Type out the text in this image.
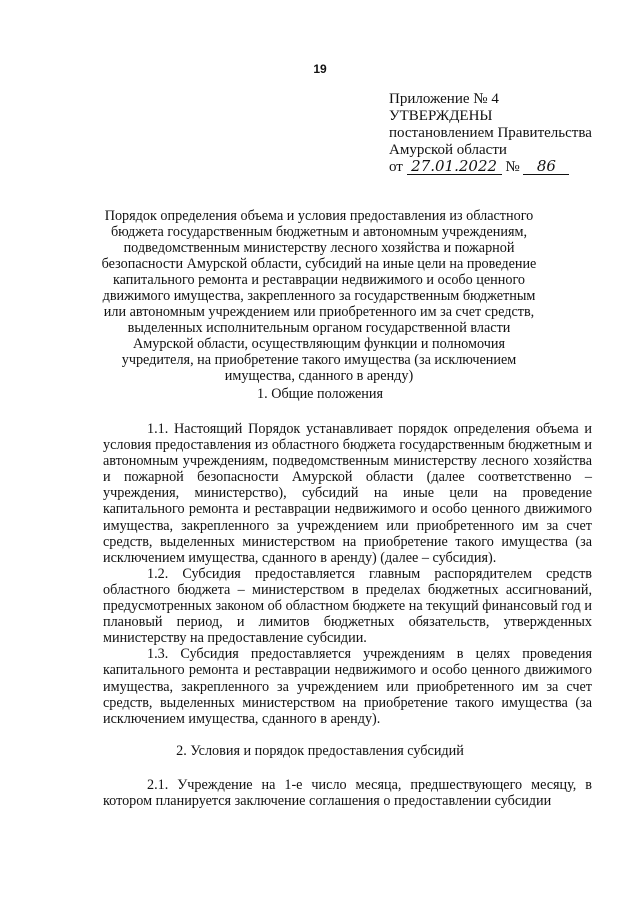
19
Приложение № 4
УТВЕРЖДЕНЫ
постановлением Правительства
Амурской области
от 27.01.2022 № 86
Порядок определения объема и условия предоставления из областного бюджета государственным бюджетным и автономным учреждениям, подведомственным министерству лесного хозяйства и пожарной безопасности Амурской области, субсидий на иные цели на проведение капитального ремонта и реставрации недвижимого и особо ценного движимого имущества, закрепленного за государственным бюджетным или автономным учреждением или приобретенного им за счет средств, выделенных исполнительным органом государственной власти Амурской области, осуществляющим функции и полномочия учредителя, на приобретение такого имущества (за исключением имущества, сданного в аренду)
1. Общие положения

1.1. Настоящий Порядок устанавливает порядок определения объема и условия предоставления из областного бюджета государственным бюджетным и автономным учреждениям, подведомственным министерству лесного хозяйства и пожарной безопасности Амурской области (далее соответственно – учреждения, министерство), субсидий на иные цели на проведение капитального ремонта и реставрации недвижимого и особо ценного движимого имущества, закрепленного за учреждением или приобретенного им за счет средств, выделенных министерством на приобретение такого имущества (за исключением имущества, сданного в аренду) (далее – субсидия).

1.2. Субсидия предоставляется главным распорядителем средств областного бюджета – министерством в пределах бюджетных ассигнований, предусмотренных законом об областном бюджете на текущий финансовый год и плановый период, и лимитов бюджетных обязательств, утвержденных министерству на предоставление субсидии.

1.3. Субсидия предоставляется учреждениям в целях проведения капитального ремонта и реставрации недвижимого и особо ценного движимого имущества, закрепленного за учреждением или приобретенного им за счет средств, выделенных министерством на приобретение такого имущества (за исключением имущества, сданного в аренду).

2. Условия и порядок предоставления субсидий

2.1. Учреждение на 1-е число месяца, предшествующего месяцу, в котором планируется заключение соглашения о предоставлении субсидии
